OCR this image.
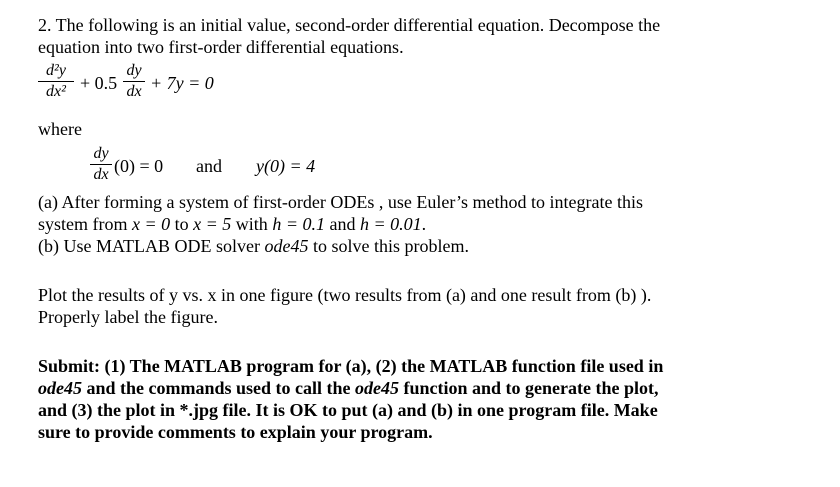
2. The following is an initial value, second-order differential equation. Decompose the
equation into two first-order differential equations.
d²y
dx² + 0.5
dy
dx + 7y = 0
where
dy
dx (0) = 0 and y(0) = 4
(a) After forming a system of first-order ODEs , use Euler’s method to integrate this
system from x = 0 to x = 5 with h = 0.1 and h = 0.01.
(b) Use MATLAB ODE solver ode45 to solve this problem.
Plot the results of y vs. x in one figure (two results from (a) and one result from (b) ).
Properly label the figure.
Submit: (1) The MATLAB program for (a), (2) the MATLAB function file used in
ode45 and the commands used to call the ode45 function and to generate the plot,
and (3) the plot in *.jpg file. It is OK to put (a) and (b) in one program file. Make
sure to provide comments to explain your program.
